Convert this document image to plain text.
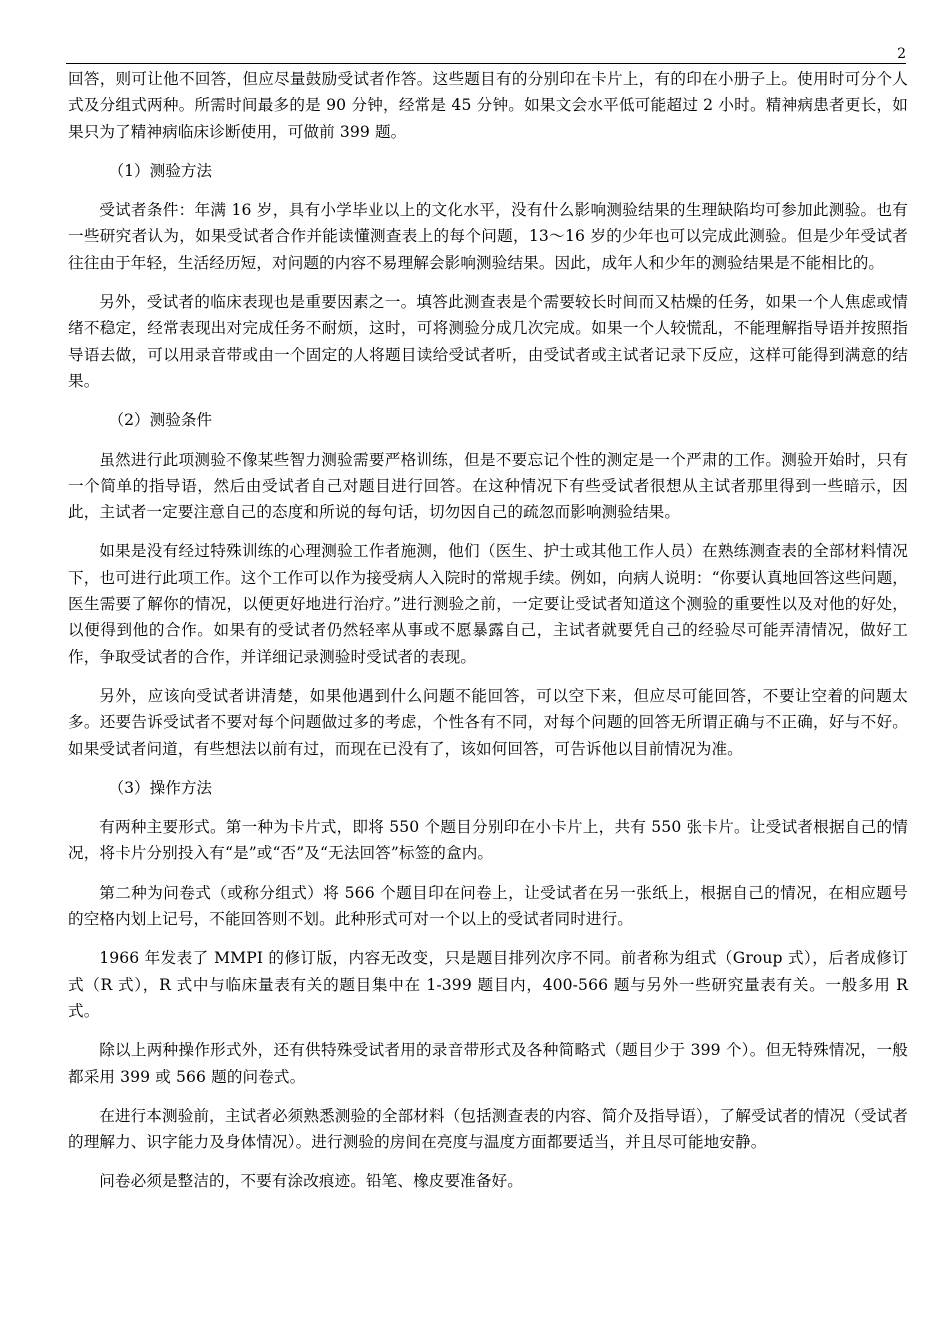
2

回答，则可让他不回答，但应尽量鼓励受试者作答。这些题目有的分别印在卡片上，有的印在小册子上。使用时可分个人式及分组式两种。所需时间最多的是 90 分钟，经常是 45 分钟。如果文会水平低可能超过 2 小时。精神病患者更长，如果只为了精神病临床诊断使用，可做前 399 题。

（1）测验方法

受试者条件：年满 16 岁，具有小学毕业以上的文化水平，没有什么影响测验结果的生理缺陷均可参加此测验。也有一些研究者认为，如果受试者合作并能读懂测查表上的每个问题，13～16 岁的少年也可以完成此测验。但是少年受试者往往由于年轻，生活经历短，对问题的内容不易理解会影响测验结果。因此，成年人和少年的测验结果是不能相比的。

另外，受试者的临床表现也是重要因素之一。填答此测查表是个需要较长时间而又枯燥的任务，如果一个人焦虑或情绪不稳定，经常表现出对完成任务不耐烦，这时，可将测验分成几次完成。如果一个人较慌乱，不能理解指导语并按照指导语去做，可以用录音带或由一个固定的人将题目读给受试者听，由受试者或主试者记录下反应，这样可能得到满意的结果。

（2）测验条件

虽然进行此项测验不像某些智力测验需要严格训练，但是不要忘记个性的测定是一个严肃的工作。测验开始时，只有一个简单的指导语，然后由受试者自己对题目进行回答。在这种情况下有些受试者很想从主试者那里得到一些暗示，因此，主试者一定要注意自己的态度和所说的每句话，切勿因自己的疏忽而影响测验结果。

如果是没有经过特殊训练的心理测验工作者施测，他们（医生、护士或其他工作人员）在熟练测查表的全部材料情况下，也可进行此项工作。这个工作可以作为接受病人入院时的常规手续。例如，向病人说明：“你要认真地回答这些问题，医生需要了解你的情况，以便更好地进行治疗。”进行测验之前，一定要让受试者知道这个测验的重要性以及对他的好处，以便得到他的合作。如果有的受试者仍然轻率从事或不愿暴露自己，主试者就要凭自己的经验尽可能弄清情况，做好工作，争取受试者的合作，并详细记录测验时受试者的表现。

另外，应该向受试者讲清楚，如果他遇到什么问题不能回答，可以空下来，但应尽可能回答，不要让空着的问题太多。还要告诉受试者不要对每个问题做过多的考虑，个性各有不同，对每个问题的回答无所谓正确与不正确，好与不好。如果受试者问道，有些想法以前有过，而现在已没有了，该如何回答，可告诉他以目前情况为准。

（3）操作方法

有两种主要形式。第一种为卡片式，即将 550 个题目分别印在小卡片上，共有 550 张卡片。让受试者根据自己的情况，将卡片分别投入有“是”或“否”及“无法回答”标签的盒内。

第二种为问卷式（或称分组式）将 566 个题目印在问卷上，让受试者在另一张纸上，根据自己的情况，在相应题号的空格内划上记号，不能回答则不划。此种形式可对一个以上的受试者同时进行。

1966 年发表了 MMPI 的修订版，内容无改变，只是题目排列次序不同。前者称为组式（Group 式），后者成修订式（R 式），R 式中与临床量表有关的题目集中在 1-399 题目内，400-566 题与另外一些研究量表有关。一般多用 R 式。

除以上两种操作形式外，还有供特殊受试者用的录音带形式及各种简略式（题目少于 399 个）。但无特殊情况，一般都采用 399 或 566 题的问卷式。

在进行本测验前，主试者必须熟悉测验的全部材料（包括测查表的内容、简介及指导语），了解受试者的情况（受试者的理解力、识字能力及身体情况）。进行测验的房间在亮度与温度方面都要适当，并且尽可能地安静。

问卷必须是整洁的，不要有涂改痕迹。铅笔、橡皮要准备好。
